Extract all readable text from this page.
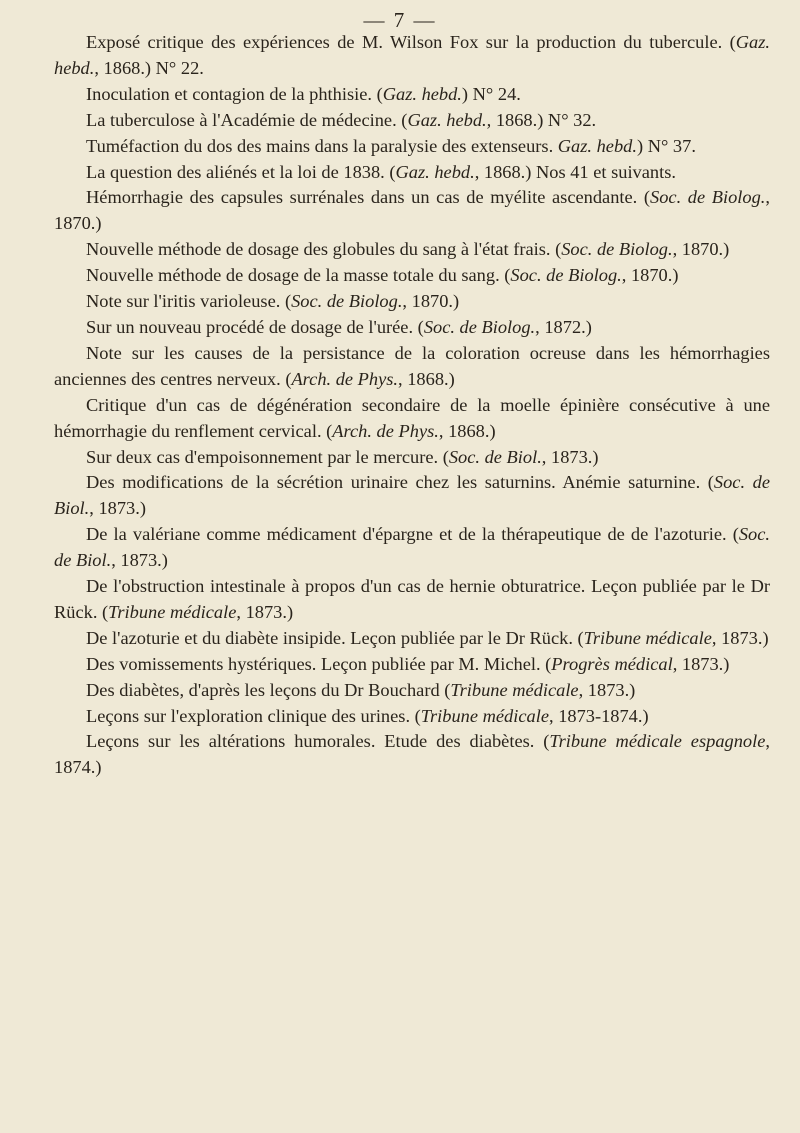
— 7 —

Exposé critique des expériences de M. Wilson Fox sur la production du tubercule. (Gaz. hebd., 1868.) N° 22.

Inoculation et contagion de la phthisie. (Gaz. hebd.) N° 24.

La tuberculose à l'Académie de médecine. (Gaz. hebd., 1868.) N° 32.

Tuméfaction du dos des mains dans la paralysie des extenseurs. Gaz. hebd.) N° 37.

La question des aliénés et la loi de 1838. (Gaz. hebd., 1868.) Nos 41 et suivants.

Hémorrhagie des capsules surrénales dans un cas de myélite ascendante. (Soc. de Biolog., 1870.)

Nouvelle méthode de dosage des globules du sang à l'état frais. (Soc. de Biolog., 1870.)

Nouvelle méthode de dosage de la masse totale du sang. (Soc. de Biolog., 1870.)

Note sur l'iritis varioleuse. (Soc. de Biolog., 1870.)

Sur un nouveau procédé de dosage de l'urée. (Soc. de Biolog., 1872.)

Note sur les causes de la persistance de la coloration ocreuse dans les hémorrhagies anciennes des centres nerveux. (Arch. de Phys., 1868.)

Critique d'un cas de dégénération secondaire de la moelle épinière consécutive à une hémorrhagie du renflement cervical. (Arch. de Phys., 1868.)

Sur deux cas d'empoisonnement par le mercure. (Soc. de Biol., 1873.)

Des modifications de la sécrétion urinaire chez les saturnins. Anémie saturnine. (Soc. de Biol., 1873.)

De la valériane comme médicament d'épargne et de la thérapeutique de de l'azoturie. (Soc. de Biol., 1873.)

De l'obstruction intestinale à propos d'un cas de hernie obturatrice. Leçon publiée par le Dr Rück. (Tribune médicale, 1873.)

De l'azoturie et du diabète insipide. Leçon publiée par le Dr Rück. (Tribune médicale, 1873.)

Des vomissements hystériques. Leçon publiée par M. Michel. (Progrès médical, 1873.)

Des diabètes, d'après les leçons du Dr Bouchard (Tribune médicale, 1873.)

Leçons sur l'exploration clinique des urines. (Tribune médicale, 1873-1874.)

Leçons sur les altérations humorales. Etude des diabètes. (Tribune médicale espagnole, 1874.)
